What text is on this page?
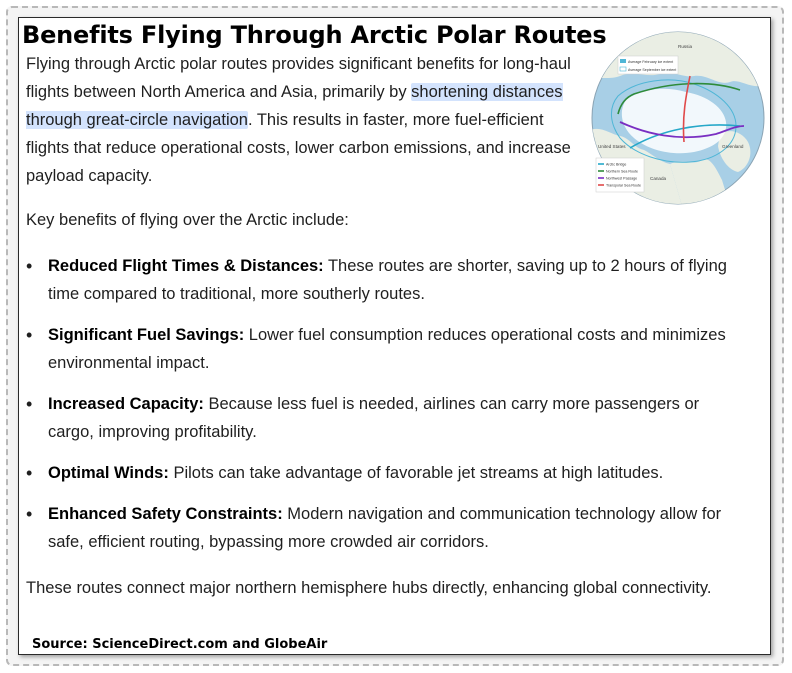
Benefits Flying Through Arctic Polar Routes

Flying through Arctic polar routes provides significant benefits for long-haul flights between North America and Asia, primarily by shortening distances through great-circle navigation. This results in faster, more fuel-efficient flights that reduce operational costs, lower carbon emissions, and increase payload capacity.

Key benefits of flying over the Arctic include:

• Reduced Flight Times & Distances: These routes are shorter, saving up to 2 hours of flying time compared to traditional, more southerly routes.
• Significant Fuel Savings: Lower fuel consumption reduces operational costs and minimizes environmental impact.
• Increased Capacity: Because less fuel is needed, airlines can carry more passengers or cargo, improving profitability.
• Optimal Winds: Pilots can take advantage of favorable jet streams at high latitudes.
• Enhanced Safety Constraints: Modern navigation and communication technology allow for safe, efficient routing, bypassing more crowded air corridors.

These routes connect major northern hemisphere hubs directly, enhancing global connectivity.

Source: ScienceDirect.com and GlobeAir

Average February ice extent
Average September ice extent
Russia
United States	Greenland
Canada
Arctic Bridge
Northern Sea Route
Northwest Passage
Transpolar Sea Route
